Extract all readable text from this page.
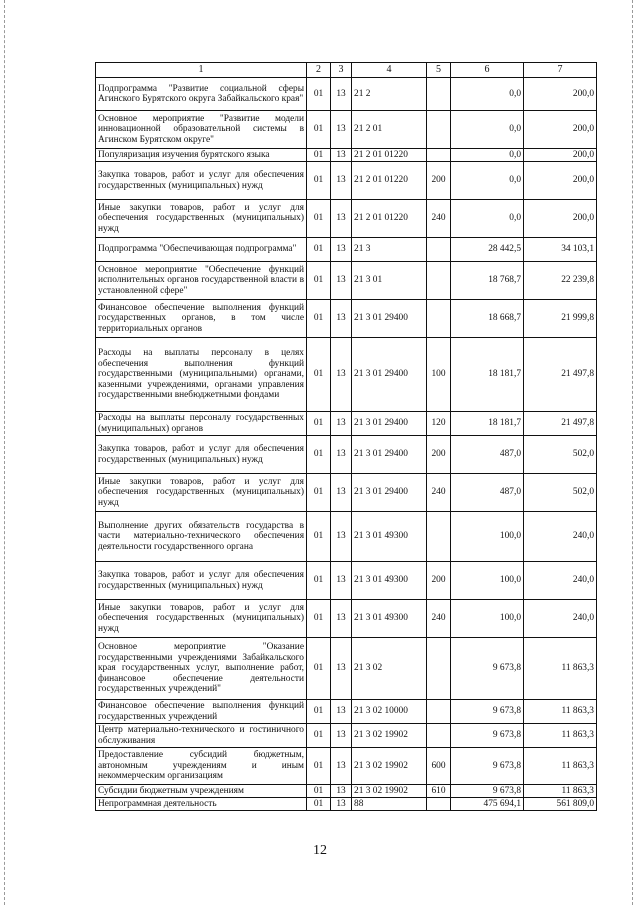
1	2	3	4	5	6	7
Подпрограмма "Развитие социальной сферы Агинского Бурятского округа Забайкальского края"	01	13	21 2		0,0	200,0
Основное мероприятие "Развитие модели инновационной образовательной системы в Агинском Бурятском округе"	01	13	21 2 01		0,0	200,0
Популяризация изучения бурятского языка	01	13	21 2 01 01220		0,0	200,0
Закупка товаров, работ и услуг для обеспечения государственных (муниципальных) нужд	01	13	21 2 01 01220	200	0,0	200,0
Иные закупки товаров, работ и услуг для обеспечения государственных (муниципальных) нужд	01	13	21 2 01 01220	240	0,0	200,0
Подпрограмма "Обеспечивающая подпрограмма"	01	13	21 3		28 442,5	34 103,1
Основное мероприятие "Обеспечение функций исполнительных органов государственной власти в установленной сфере"	01	13	21 3 01		18 768,7	22 239,8
Финансовое обеспечение выполнения функций государственных органов, в том числе территориальных органов	01	13	21 3 01 29400		18 668,7	21 999,8
Расходы на выплаты персоналу в целях обеспечения выполнения функций государственными (муниципальными) органами, казенными учреждениями, органами управления государственными внебюджетными фондами	01	13	21 3 01 29400	100	18 181,7	21 497,8
Расходы на выплаты персоналу государственных (муниципальных) органов	01	13	21 3 01 29400	120	18 181,7	21 497,8
Закупка товаров, работ и услуг для обеспечения государственных (муниципальных) нужд	01	13	21 3 01 29400	200	487,0	502,0
Иные закупки товаров, работ и услуг для обеспечения государственных (муниципальных) нужд	01	13	21 3 01 29400	240	487,0	502,0
Выполнение других обязательств государства в части материально-технического обеспечения деятельности государственного органа	01	13	21 3 01 49300		100,0	240,0
Закупка товаров, работ и услуг для обеспечения государственных (муниципальных) нужд	01	13	21 3 01 49300	200	100,0	240,0
Иные закупки товаров, работ и услуг для обеспечения государственных (муниципальных) нужд	01	13	21 3 01 49300	240	100,0	240,0
Основное мероприятие "Оказание государственными учреждениями Забайкальского края государственных услуг, выполнение работ, финансовое обеспечение деятельности государственных учреждений"	01	13	21 3 02		9 673,8	11 863,3
Финансовое обеспечение выполнения функций государственных учреждений	01	13	21 3 02 10000		9 673,8	11 863,3
Центр материально-технического и гостиничного обслуживания	01	13	21 3 02 19902		9 673,8	11 863,3
Предоставление субсидий бюджетным, автономным учреждениям и иным некоммерческим организациям	01	13	21 3 02 19902	600	9 673,8	11 863,3
Субсидии бюджетным учреждениям	01	13	21 3 02 19902	610	9 673,8	11 863,3
Непрограммная деятельность	01	13	88		475 694,1	561 809,0
12
